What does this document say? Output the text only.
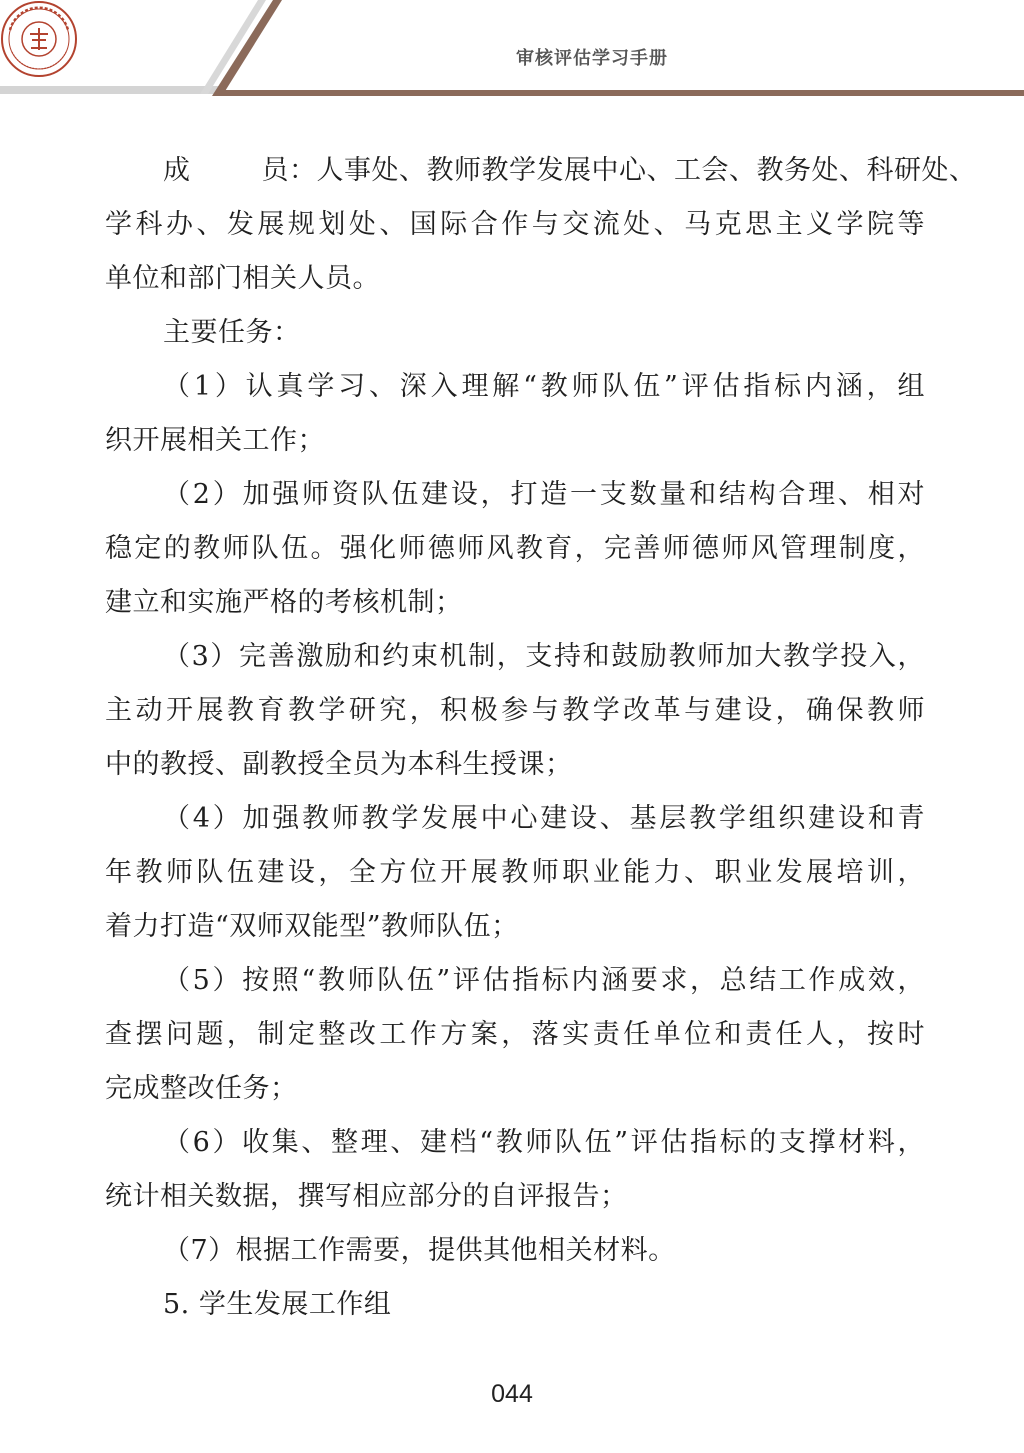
审核评估学习手册
成 员：人事处、教师教学发展中心、工会、教务处、科研处、
学科办、发展规划处、国际合作与交流处、马克思主义学院等
单位和部门相关人员。
主要任务：
（1）认真学习、深入理解“教师队伍”评估指标内涵，组
织开展相关工作；
（2）加强师资队伍建设，打造一支数量和结构合理、相对
稳定的教师队伍。强化师德师风教育，完善师德师风管理制度，
建立和实施严格的考核机制；
（3）完善激励和约束机制，支持和鼓励教师加大教学投入，
主动开展教育教学研究，积极参与教学改革与建设，确保教师
中的教授、副教授全员为本科生授课；
（4）加强教师教学发展中心建设、基层教学组织建设和青
年教师队伍建设，全方位开展教师职业能力、职业发展培训，
着力打造“双师双能型”教师队伍；
（5）按照“教师队伍”评估指标内涵要求，总结工作成效，
查摆问题，制定整改工作方案，落实责任单位和责任人，按时
完成整改任务；
（6）收集、整理、建档“教师队伍”评估指标的支撑材料，
统计相关数据，撰写相应部分的自评报告；
（7）根据工作需要，提供其他相关材料。
5. 学生发展工作组
044
